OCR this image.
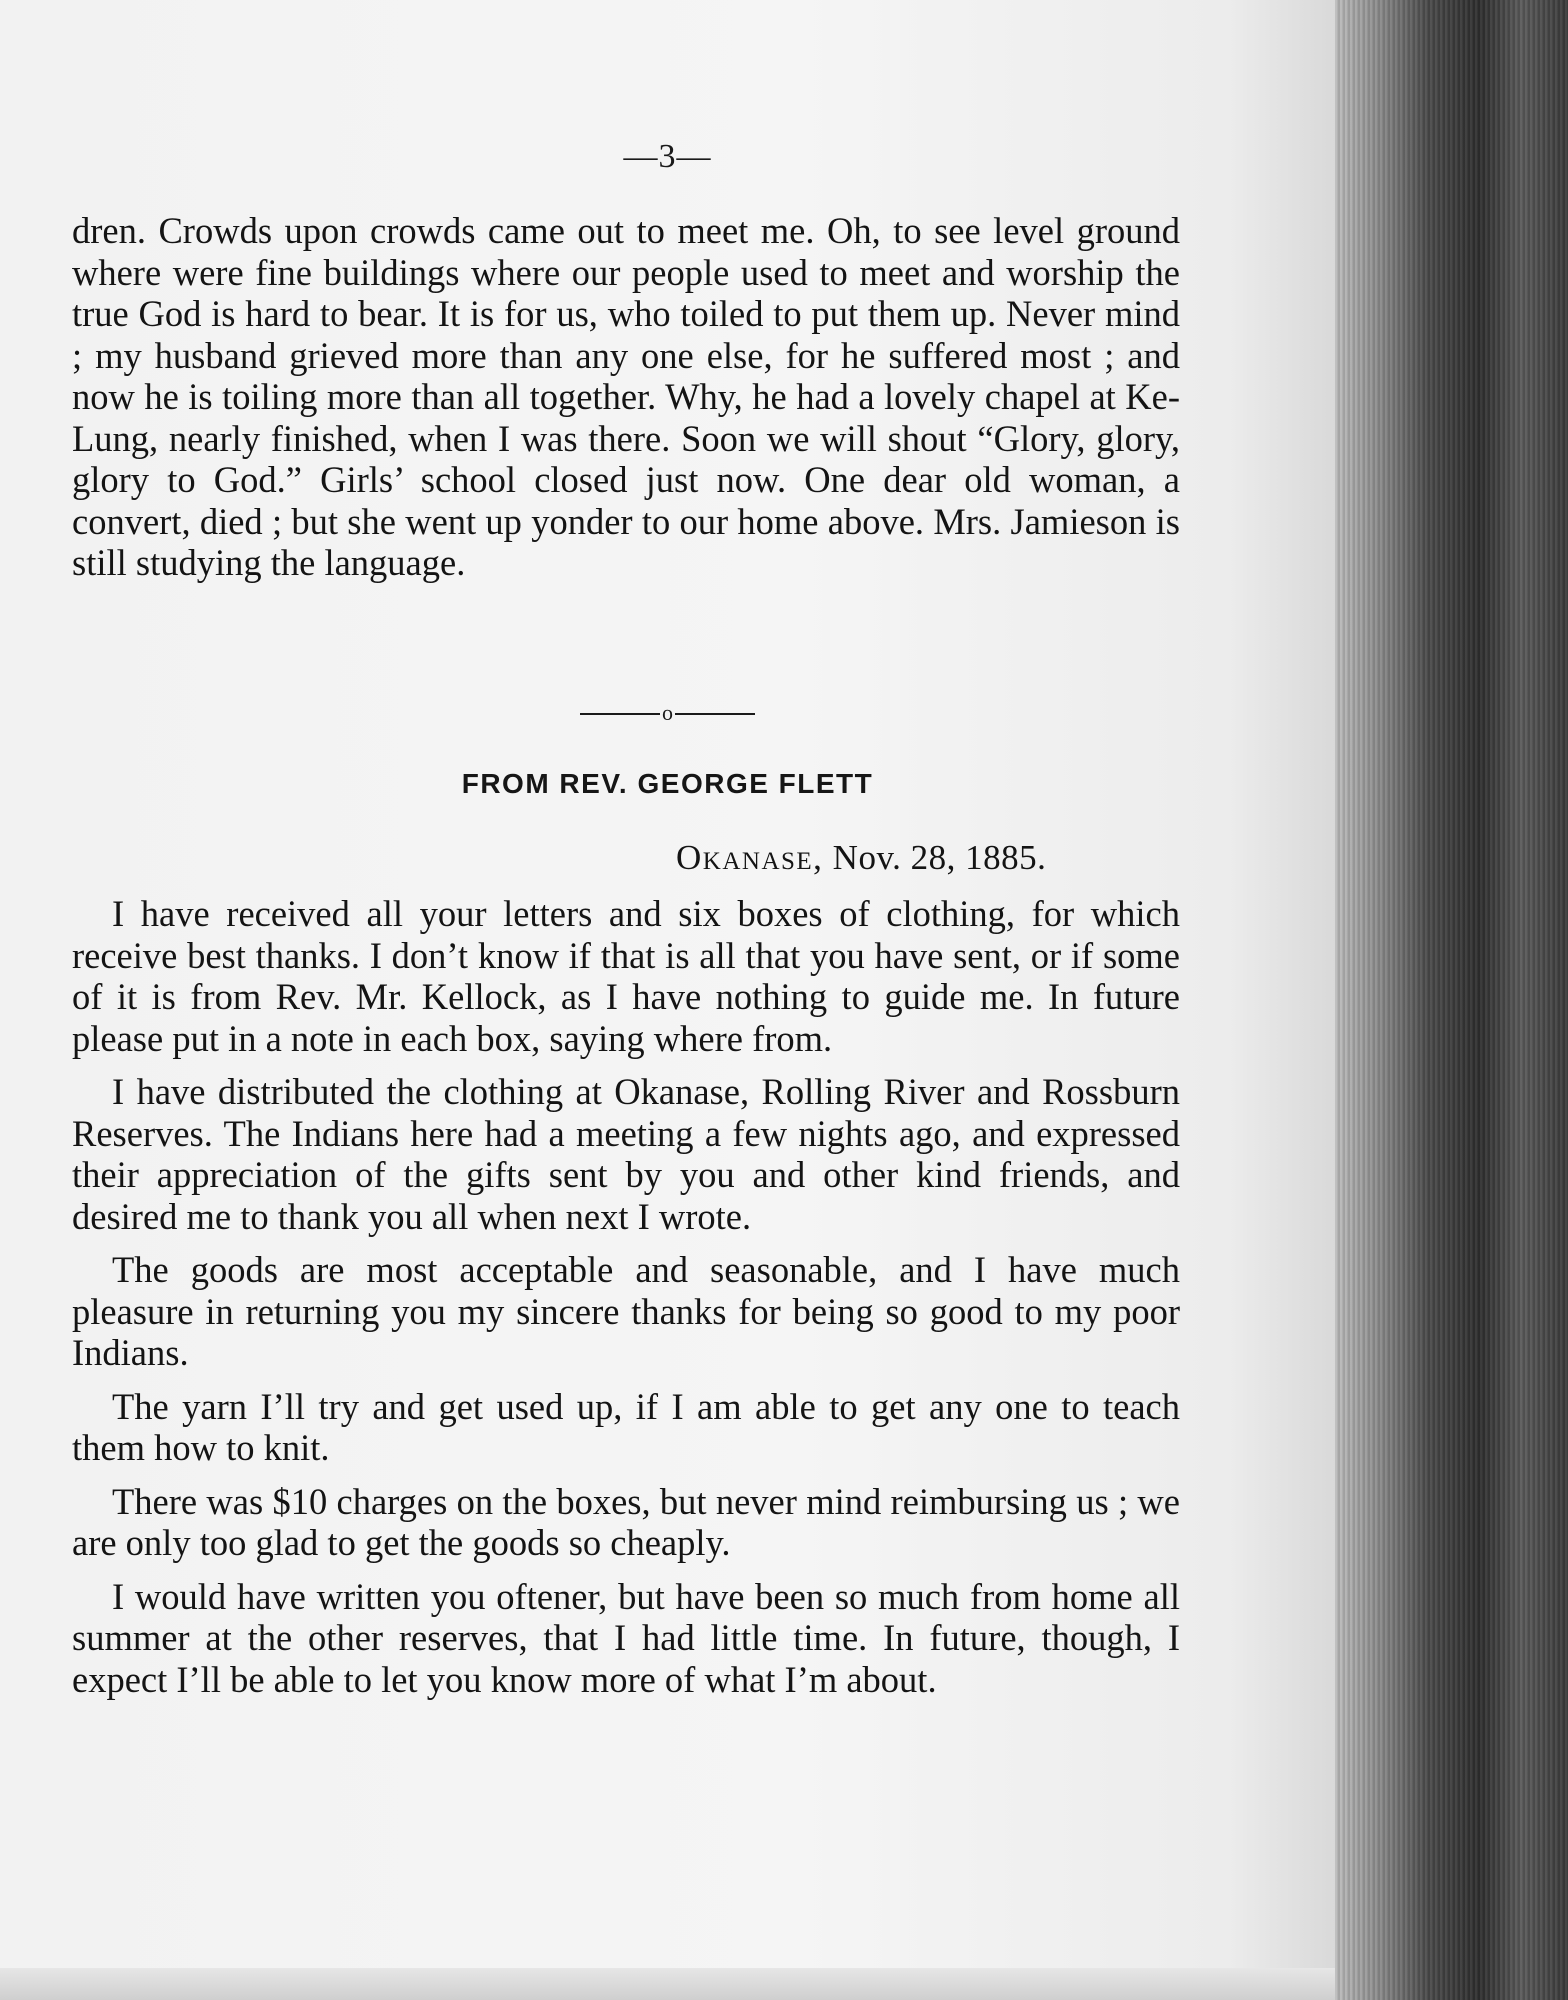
—3—

dren. Crowds upon crowds came out to meet me. Oh, to see level ground where were fine buildings where our people used to meet and worship the true God is hard to bear. It is for us, who toiled to put them up. Never mind ; my husband grieved more than any one else, for he suffered most ; and now he is toiling more than all together. Why, he had a lovely chapel at Ke-Lung, nearly finished, when I was there. Soon we will shout “Glory, glory, glory to God.” Girls’ school closed just now. One dear old woman, a convert, died ; but she went up yonder to our home above. Mrs. Jamieson is still studying the language.

o
FROM REV. GEORGE FLETT
Okanase, Nov. 28, 1885.

I have received all your letters and six boxes of clothing, for which receive best thanks. I don’t know if that is all that you have sent, or if some of it is from Rev. Mr. Kellock, as I have nothing to guide me. In future please put in a note in each box, saying where from.

I have distributed the clothing at Okanase, Rolling River and Rossburn Reserves. The Indians here had a meeting a few nights ago, and expressed their appreciation of the gifts sent by you and other kind friends, and desired me to thank you all when next I wrote.

The goods are most acceptable and seasonable, and I have much pleasure in returning you my sincere thanks for being so good to my poor Indians.

The yarn I’ll try and get used up, if I am able to get any one to teach them how to knit.

There was $10 charges on the boxes, but never mind reimbursing us ; we are only too glad to get the goods so cheaply.

I would have written you oftener, but have been so much from home all summer at the other reserves, that I had little time. In future, though, I expect I’ll be able to let you know more of what I’m about.
